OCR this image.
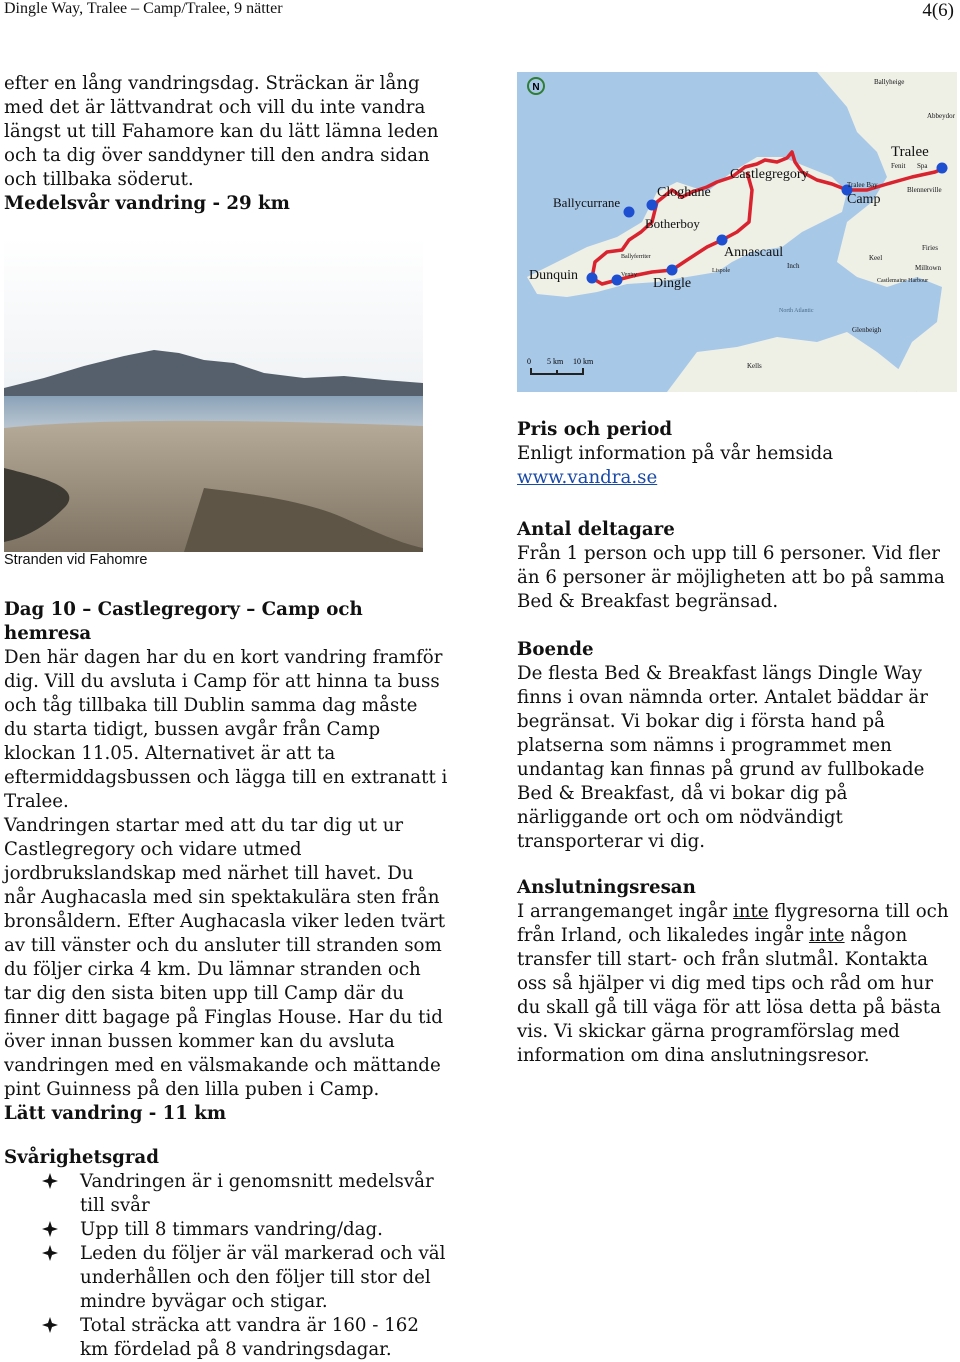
Dingle Way, Tralee – Camp/Tralee, 9 nätter	4(6)

efter en lång vandringsdag. Sträckan är lång

med det är lättvandrat och vill du inte vandra

längst ut till Fahamore kan du lätt lämna leden

och ta dig över sanddyner till den andra sidan

och tillbaka söderut.

Medelsvår vandring - 29 km

N	Ballyheige
Abbeydor
Castlegregory
Tralee
Fenit Spa
Blennerville
Tralee Bay
Camp
Ballycurrane
Cloghane
Botherboy
Annascaul
Dunquin
Dingle
Ballyferriter
Ventry
Lispole
North Atlantic
Castlemaine Harbour
Glenbeigh
Kells
Firies
Milltown
Keel
Inch
0 5 km 10 km
Stranden vid Fahomre

Dag 10 – Castlegregory – Camp och

hemresa

Den här dagen har du en kort vandring framför

dig. Vill du avsluta i Camp för att hinna ta buss

och tåg tillbaka till Dublin samma dag måste

du starta tidigt, bussen avgår från Camp

klockan 11.05. Alternativet är att ta

eftermiddagsbussen och lägga till en extranatt i

Tralee.

Vandringen startar med att du tar dig ut ur

Castlegregory och vidare utmed

jordbrukslandskap med närhet till havet. Du

når Aughacasla med sin spektakulära sten från

bronsåldern. Efter Aughacasla viker leden tvärt

av till vänster och du ansluter till stranden som

du följer cirka 4 km. Du lämnar stranden och

tar dig den sista biten upp till Camp där du

finner ditt bagage på Finglas House. Har du tid

över innan bussen kommer kan du avsluta

vandringen med en välsmakande och mättande

pint Guinness på den lilla puben i Camp.

Lätt vandring - 11 km

Svårighetsgrad

Vandringen är i genomsnitt medelsvår

till svår

Upp till 8 timmars vandring/dag.

Leden du följer är väl markerad och väl

underhållen och den följer till stor del

mindre byvägar och stigar.

Total sträcka att vandra är 160 - 162

km fördelad på 8 vandringsdagar.

Pris och period

Enligt information på vår hemsida

www.vandra.se

Antal deltagare

Från 1 person och upp till 6 personer. Vid fler

än 6 personer är möjligheten att bo på samma

Bed & Breakfast begränsad.

Boende

De flesta Bed & Breakfast längs Dingle Way

finns i ovan nämnda orter. Antalet bäddar är

begränsat. Vi bokar dig i första hand på

platserna som nämns i programmet men

undantag kan finnas på grund av fullbokade

Bed & Breakfast, då vi bokar dig på

närliggande ort och om nödvändigt

transporterar vi dig.

Anslutningsresan

I arrangemanget ingår inte flygresorna till och

från Irland, och likaledes ingår inte någon

transfer till start- och från slutmål. Kontakta

oss så hjälper vi dig med tips och råd om hur

du skall gå till väga för att lösa detta på bästa

vis. Vi skickar gärna programförslag med

information om dina anslutningsresor.
